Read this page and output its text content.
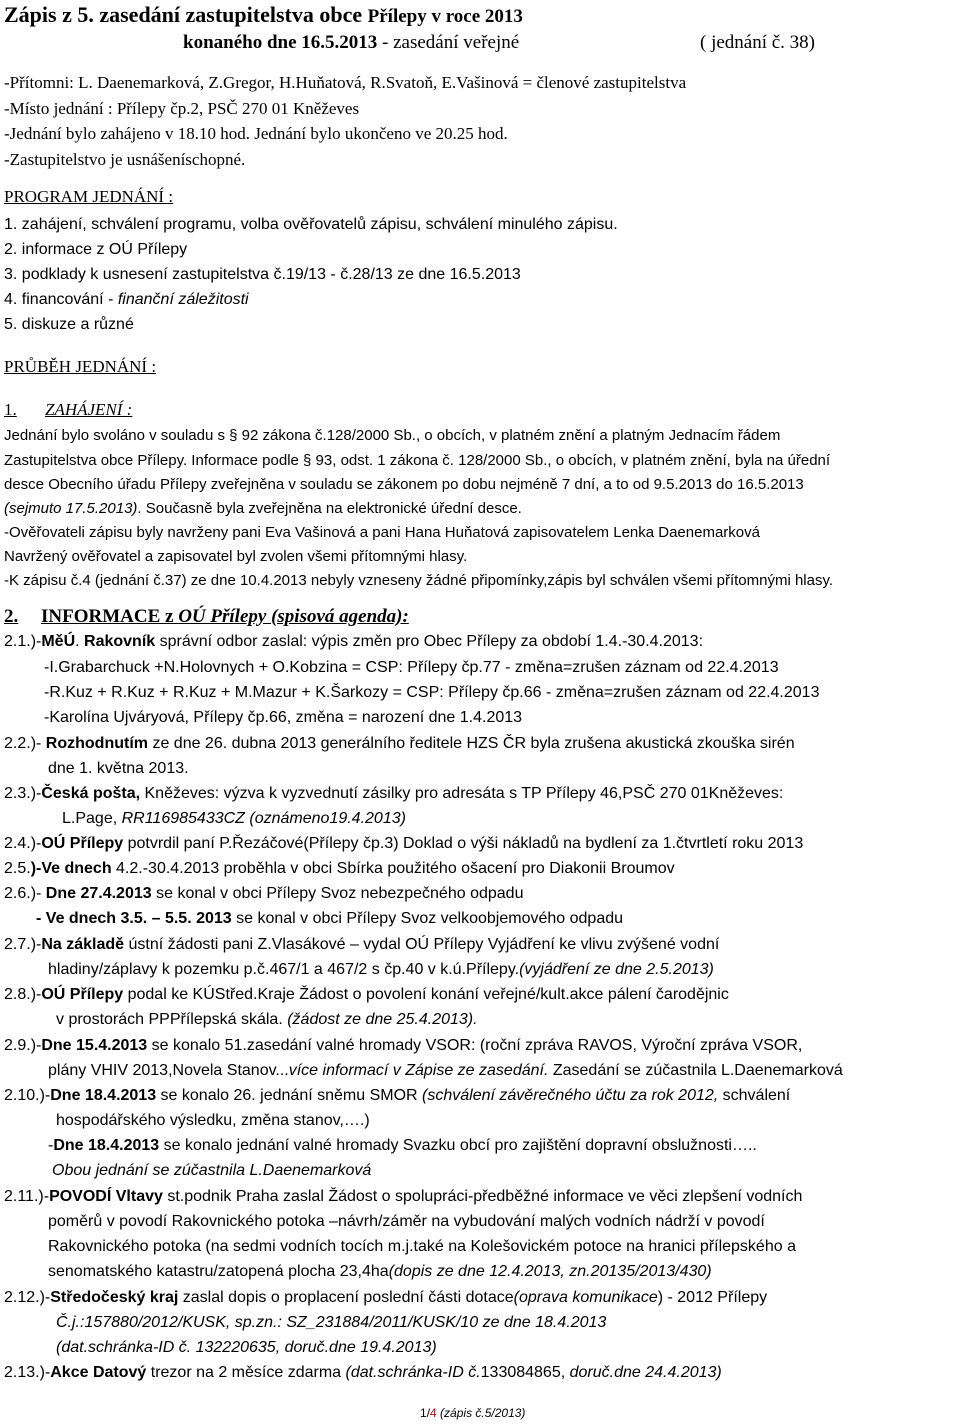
Zápis z 5. zasedání zastupitelstva obce Přílepy v roce 2013
konaného dne 16.5.2013 - zasedání veřejné	( jednání č. 38)
-Přítomni: L. Daenemarková, Z.Gregor, H.Huňatová, R.Svatoň, E.Vašinová = členové zastupitelstva
-Místo jednání : Přílepy čp.2, PSČ 270 01 Kněževes
-Jednání bylo zahájeno v 18.10 hod. Jednání bylo ukončeno ve 20.25 hod.
-Zastupitelstvo je usnášeníschopné.
PROGRAM JEDNÁNÍ :
1. zahájení, schválení programu, volba ověřovatelů zápisu, schválení minulého zápisu.
2. informace z OÚ Přílepy
3. podklady k usnesení zastupitelstva č.19/13 - č.28/13 ze dne 16.5.2013
4. financování - finanční záležitosti
5. diskuze a různé
PRŮBĚH JEDNÁNÍ :
1. ZAHÁJENÍ :
Jednání bylo svoláno v souladu s § 92 zákona č.128/2000 Sb., o obcích, v platném znění a platným Jednacím řádem
Zastupitelstva obce Přílepy. Informace podle § 93, odst. 1 zákona č. 128/2000 Sb., o obcích, v platném znění, byla na úřední
desce Obecního úřadu Přílepy zveřejněna v souladu se zákonem po dobu nejméně 7 dní, a to od 9.5.2013 do 16.5.2013
(sejmuto 17.5.2013). Současně byla zveřejněna na elektronické úřední desce.
-Ověřovateli zápisu byly navrženy pani Eva Vašinová a pani Hana Huňatová zapisovatelem Lenka Daenemarková
Navržený ověřovatel a zapisovatel byl zvolen všemi přítomnými hlasy.
-K zápisu č.4 (jednání č.37) ze dne 10.4.2013 nebyly vzneseny žádné připomínky,zápis byl schválen všemi přítomnými hlasy.
2. INFORMACE z OÚ Přílepy (spisová agenda):
2.1.)-MěÚ. Rakovník správní odbor zaslal: výpis změn pro Obec Přílepy za období 1.4.-30.4.2013:
-I.Grabarchuck +N.Holovnych + O.Kobzina = CSP: Přílepy čp.77 - změna=zrušen záznam od 22.4.2013
-R.Kuz + R.Kuz + R.Kuz + M.Mazur + K.Šarkozy = CSP: Přílepy čp.66 - změna=zrušen záznam od 22.4.2013
-Karolína Ujváryová, Přílepy čp.66, změna = narození dne 1.4.2013
2.2.)- Rozhodnutím ze dne 26. dubna 2013 generálního ředitele HZS ČR byla zrušena akustická zkouška sirén
dne 1. května 2013.
2.3.)-Česká pošta, Kněževes: výzva k vyzvednutí zásilky pro adresáta s TP Přílepy 46,PSČ 270 01Kněževes:
L.Page, RR116985433CZ (oznámeno19.4.2013)
2.4.)-OÚ Přílepy potvrdil paní P.Řezáčové(Přílepy čp.3) Doklad o výši nákladů na bydlení za 1.čtvrtletí roku 2013
2.5.)-Ve dnech 4.2.-30.4.2013 proběhla v obci Sbírka použitého ošacení pro Diakonii Broumov
2.6.)- Dne 27.4.2013 se konal v obci Přílepy Svoz nebezpečného odpadu
- Ve dnech 3.5. – 5.5. 2013 se konal v obci Přílepy Svoz velkoobjemového odpadu
2.7.)-Na základě ústní žádosti pani Z.Vlasákové – vydal OÚ Přílepy Vyjádření ke vlivu zvýšené vodní
hladiny/záplavy k pozemku p.č.467/1 a 467/2 s čp.40 v k.ú.Přílepy.(vyjádření ze dne 2.5.2013)
2.8.)-OÚ Přílepy podal ke KÚStřed.Kraje Žádost o povolení konání veřejné/kult.akce pálení čarodějnic
v prostorách PPPřílepská skála. (žádost ze dne 25.4.2013).
2.9.)-Dne 15.4.2013 se konalo 51.zasedání valné hromady VSOR: (roční zpráva RAVOS, Výroční zpráva VSOR,
plány VHIV 2013,Novela Stanov...více informací v Zápise ze zasedání. Zasedání se zúčastnila L.Daenemarková
2.10.)-Dne 18.4.2013 se konalo 26. jednání sněmu SMOR (schválení závěrečného účtu za rok 2012, schválení
hospodářského výsledku, změna stanov,….)
-Dne 18.4.2013 se konalo jednání valné hromady Svazku obcí pro zajištění dopravní obslužnosti…..
Obou jednání se zúčastnila L.Daenemarková
2.11.)-POVODÍ Vltavy st.podnik Praha zaslal Žádost o spolupráci-předběžné informace ve věci zlepšení vodních
poměrů v povodí Rakovnického potoka –návrh/záměr na vybudování malých vodních nádrží v povodí
Rakovnického potoka (na sedmi vodních tocích m.j.také na Kolešovickém potoce na hranici přílepského a
senomatského katastru/zatopená plocha 23,4ha(dopis ze dne 12.4.2013, zn.20135/2013/430)
2.12.)-Středočeský kraj zaslal dopis o proplacení poslední části dotace(oprava komunikace) - 2012 Přílepy
Č.j.:157880/2012/KUSK, sp.zn.: SZ_231884/2011/KUSK/10 ze dne 18.4.2013
(dat.schránka-ID č. 132220635, doruč.dne 19.4.2013)
2.13.)-Akce Datový trezor na 2 měsíce zdarma (dat.schránka-ID č.133084865, doruč.dne 24.4.2013)
1/4 (zápis č.5/2013)
